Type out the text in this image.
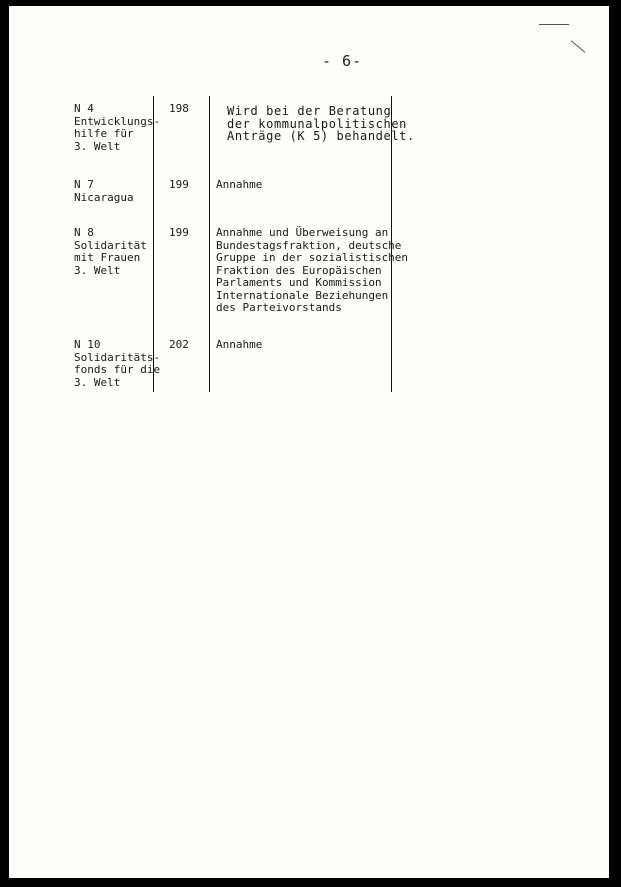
- 6-
N 4
Entwicklungs-
hilfe für
3. Welt
198	Wird bei der Beratung
der kommunalpolitischen
Anträge (K 5) behandelt.
N 7
Nicaragua
199 Annahme
N 8
Solidarität
mit Frauen
3. Welt
199 Annahme und Überweisung an
Bundestagsfraktion, deutsche
Gruppe in der sozialistischen
Fraktion des Europäischen
Parlaments und Kommission
Internationale Beziehungen
des Parteivorstands
N 10
Solidaritäts-
fonds für die
3. Welt
202 Annahme
